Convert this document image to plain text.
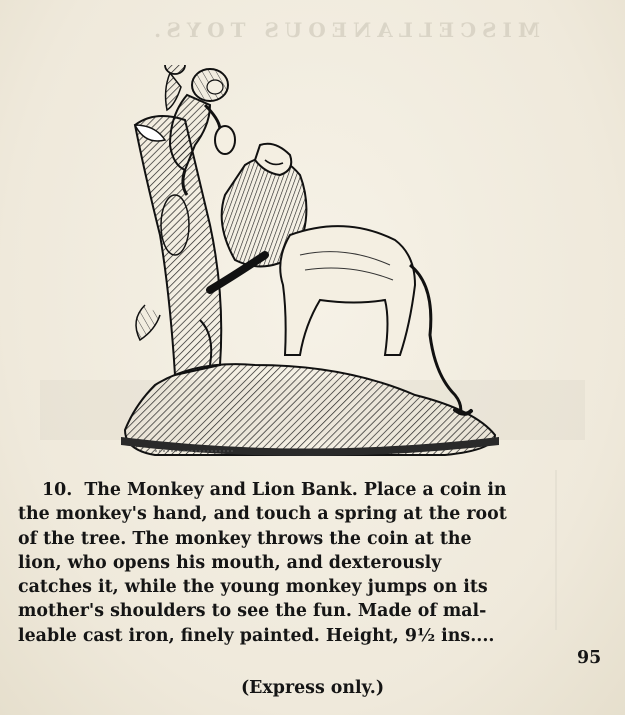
MISCELLANEOUS TOYS.
10. The Monkey and Lion Bank. Place a coin in
the monkey's hand, and touch a spring at the root
of the tree. The monkey throws the coin at the
lion, who opens his mouth, and dexterously
catches it, while the young monkey jumps on its
mother's shoulders to see the fun. Made of mal-
leable cast iron, finely painted. Height, 9½ ins....
95
(Express only.)
